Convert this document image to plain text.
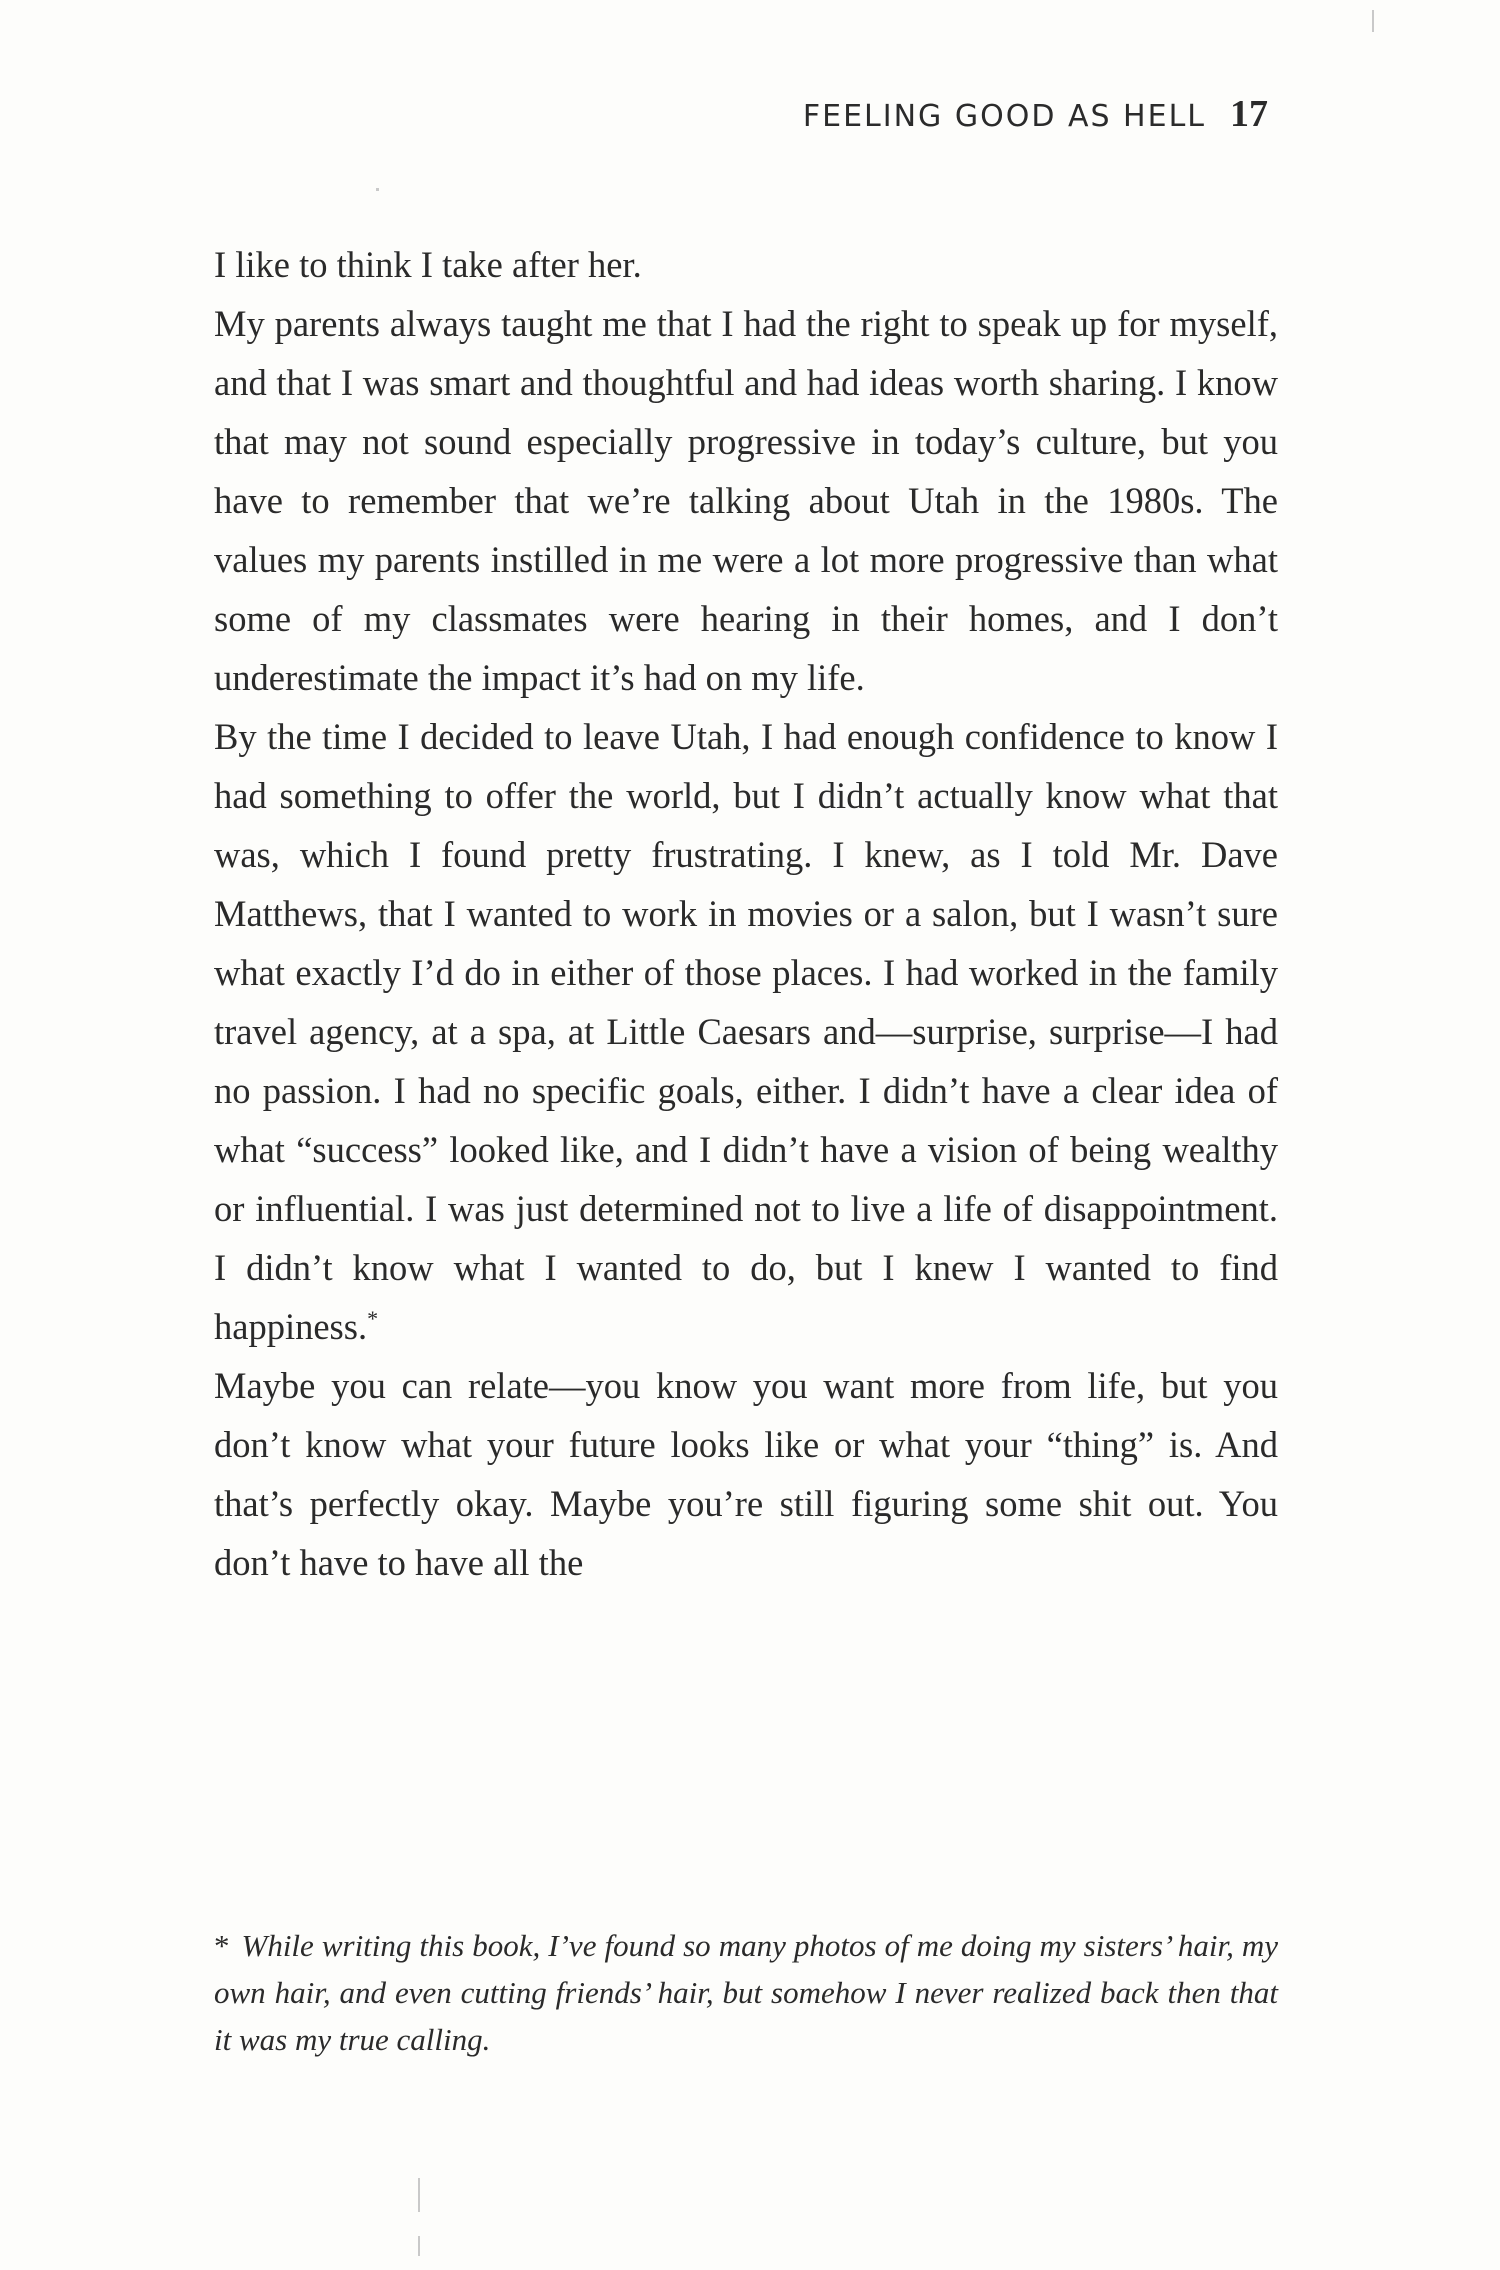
FEELING GOOD AS HELL 17

I like to think I take after her.

My parents always taught me that I had the right to speak up for myself, and that I was smart and thoughtful and had ideas worth sharing. I know that may not sound especially progressive in today’s culture, but you have to remember that we’re talking about Utah in the 1980s. The values my parents instilled in me were a lot more progressive than what some of my classmates were hearing in their homes, and I don’t underestimate the impact it’s had on my life.

By the time I decided to leave Utah, I had enough confidence to know I had something to offer the world, but I didn’t actually know what that was, which I found pretty frustrating. I knew, as I told Mr. Dave Matthews, that I wanted to work in movies or a salon, but I wasn’t sure what exactly I’d do in either of those places. I had worked in the family travel agency, at a spa, at Little Caesars and—surprise, surprise—I had no passion. I had no specific goals, either. I didn’t have a clear idea of what “success” looked like, and I didn’t have a vision of being wealthy or influential. I was just determined not to live a life of disappointment. I didn’t know what I wanted to do, but I knew I wanted to find happiness.*

Maybe you can relate—you know you want more from life, but you don’t know what your future looks like or what your “thing” is. And that’s perfectly okay. Maybe you’re still figuring some shit out. You don’t have to have all the

* While writing this book, I’ve found so many photos of me doing my sisters’ hair, my own hair, and even cutting friends’ hair, but somehow I never realized back then that it was my true calling.
